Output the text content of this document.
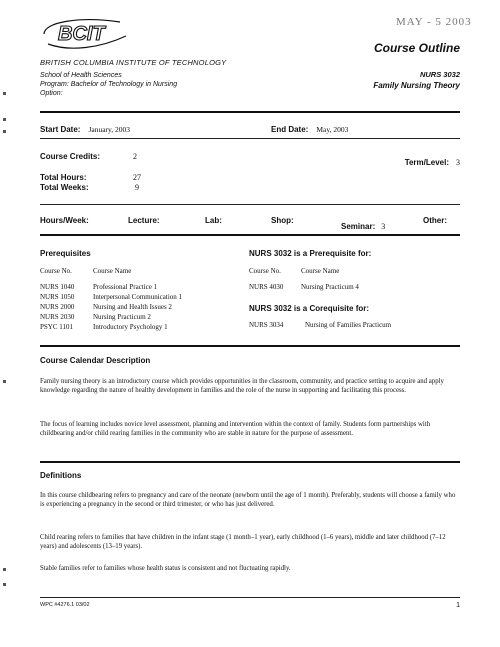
BCIT
MAY - 5 2003
Course Outline
BRITISH COLUMBIA INSTITUTE OF TECHNOLOGY
School of Health Sciences
Program: Bachelor of Technology in Nursing
Option:
NURS 3032
Family Nursing Theory
Start Date: January, 2003	End Date: May, 2003
Course Credits:	2
Term/Level: 3
Total Hours:	27
Total Weeks:	9
Hours/Week:	Lecture:	Lab:	Shop:
Seminar: 3
Other:
Prerequisites
Course No.	Course Name
NURS 1040	Professional Practice 1
NURS 1050	Interpersonal Communication 1
NURS 2000	Nursing and Health Issues 2
NURS 2030	Nursing Practicum 2
PSYC 1101	Introductory Psychology 1
NURS 3032 is a Prerequisite for:
Course No.	Course Name
NURS 4030	Nursing Practicum 4
NURS 3032 is a Corequisite for:
NURS 3034	Nursing of Families Practicum
Course Calendar Description
Family nursing theory is an introductory course which provides opportunities in the classroom, community, and practice setting to acquire and apply knowledge regarding the nature of healthy development in families and the role of the nurse in supporting and facilitating this process.
The focus of learning includes novice level assessment, planning and intervention within the context of family. Students form partnerships with childbearing and/or child rearing families in the community who are stable in nature for the purpose of assessment.
Definitions
In this course childbearing refers to pregnancy and care of the neonate (newborn until the age of 1 month). Preferably, students will choose a family who is experiencing a pregnancy in the second or third trimester, or who has just delivered.
Child rearing refers to families that have children in the infant stage (1 month–1 year), early childhood (1–6 years), middle and later childhood (7–12 years) and adolescents (13–19 years).
Stable families refer to families whose health status is consistent and not fluctuating rapidly.
WPC #4276.1 03/02	1
